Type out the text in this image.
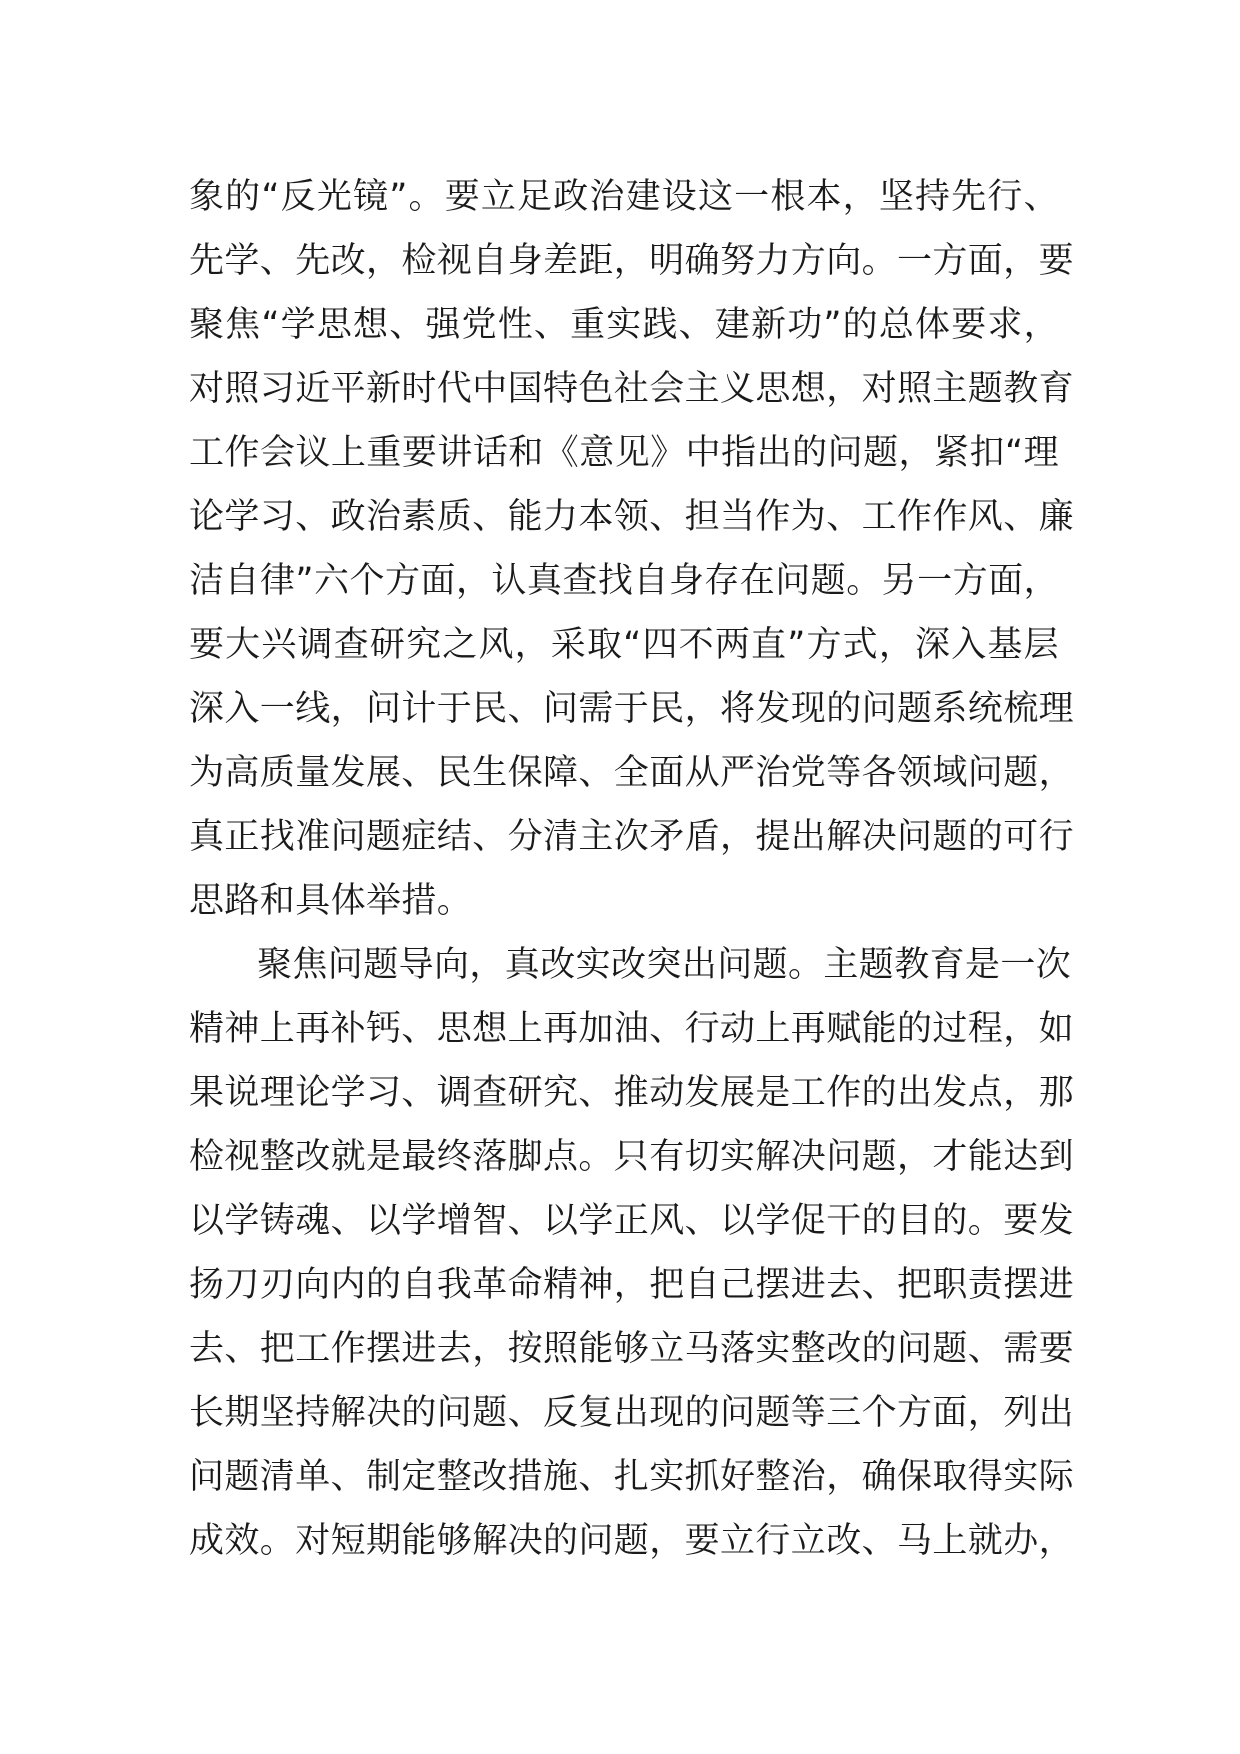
象的“反光镜”。要立足政治建设这一根本，坚持先行、
先学、先改，检视自身差距，明确努力方向。一方面，要
聚焦“学思想、强党性、重实践、建新功”的总体要求，
对照习近平新时代中国特色社会主义思想，对照主题教育
工作会议上重要讲话和《意见》中指出的问题，紧扣“理
论学习、政治素质、能力本领、担当作为、工作作风、廉
洁自律”六个方面，认真查找自身存在问题。另一方面，
要大兴调查研究之风，采取“四不两直”方式，深入基层
深入一线，问计于民、问需于民，将发现的问题系统梳理
为高质量发展、民生保障、全面从严治党等各领域问题，
真正找准问题症结、分清主次矛盾，提出解决问题的可行
思路和具体举措。
聚焦问题导向，真改实改突出问题。主题教育是一次
精神上再补钙、思想上再加油、行动上再赋能的过程，如
果说理论学习、调查研究、推动发展是工作的出发点，那
检视整改就是最终落脚点。只有切实解决问题，才能达到
以学铸魂、以学增智、以学正风、以学促干的目的。要发
扬刀刃向内的自我革命精神，把自己摆进去、把职责摆进
去、把工作摆进去，按照能够立马落实整改的问题、需要
长期坚持解决的问题、反复出现的问题等三个方面，列出
问题清单、制定整改措施、扎实抓好整治，确保取得实际
成效。对短期能够解决的问题，要立行立改、马上就办，
